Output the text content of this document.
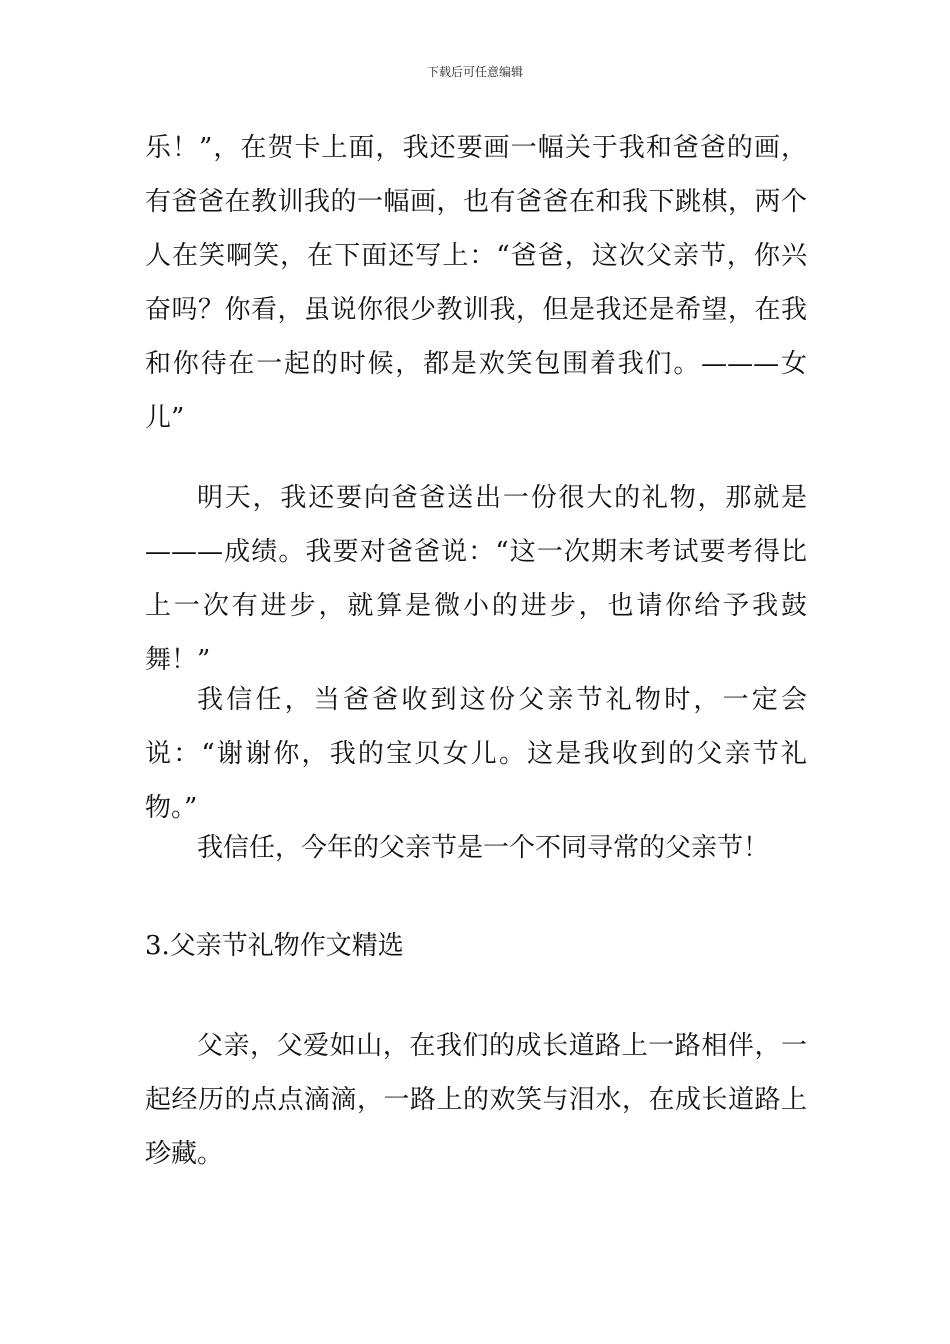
下载后可任意编辑

乐！”，在贺卡上面，我还要画一幅关于我和爸爸的画，有爸爸在教训我的一幅画，也有爸爸在和我下跳棋，两个人在笑啊笑，在下面还写上：“爸爸，这次父亲节，你兴奋吗？你看，虽说你很少教训我，但是我还是希望，在我和你待在一起的时候，都是欢笑包围着我们。———女儿”

明天，我还要向爸爸送出一份很大的礼物，那就是———成绩。我要对爸爸说：“这一次期末考试要考得比上一次有进步，就算是微小的进步，也请你给予我鼓舞！”

我信任，当爸爸收到这份父亲节礼物时，一定会说：“谢谢你，我的宝贝女儿。这是我收到的父亲节礼物。”

我信任，今年的父亲节是一个不同寻常的父亲节！

3.父亲节礼物作文精选

父亲，父爱如山，在我们的成长道路上一路相伴，一起经历的点点滴滴，一路上的欢笑与泪水，在成长道路上珍藏。
